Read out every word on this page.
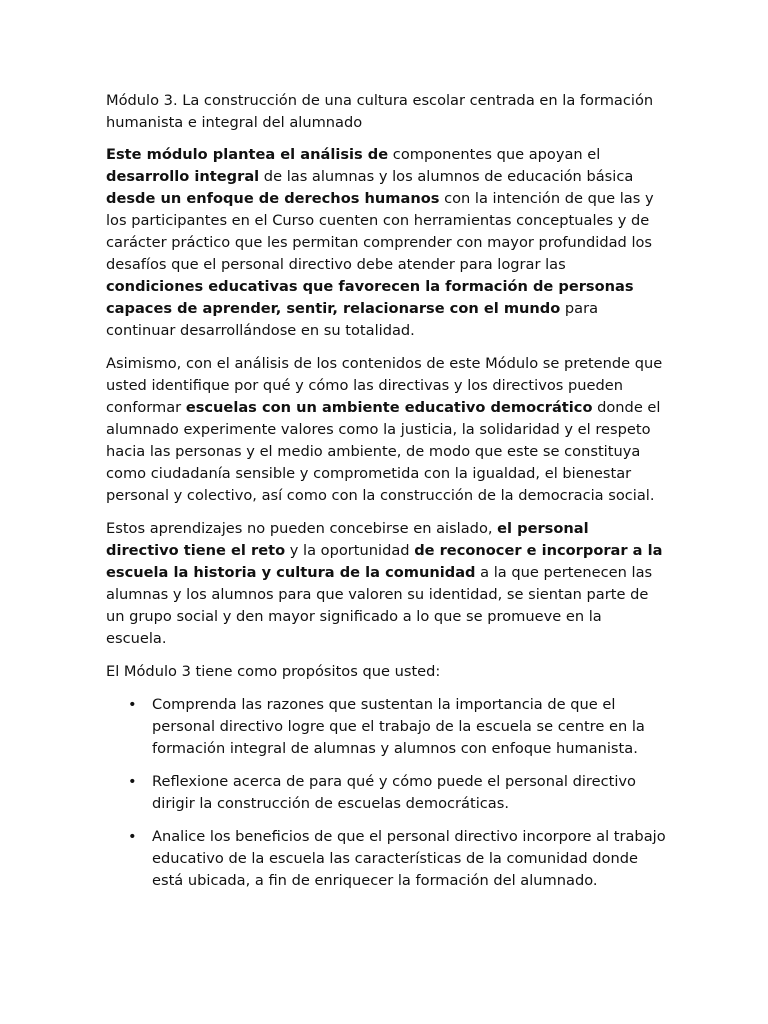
Módulo 3. La construcción de una cultura escolar centrada en la formación humanista e integral del alumnado

Este módulo plantea el análisis de componentes que apoyan el desarrollo integral de las alumnas y los alumnos de educación básica desde un enfoque de derechos humanos con la intención de que las y los participantes en el Curso cuenten con herramientas conceptuales y de carácter práctico que les permitan comprender con mayor profundidad los desafíos que el personal directivo debe atender para lograr las condiciones educativas que favorecen la formación de personas capaces de aprender, sentir, relacionarse con el mundo para continuar desarrollándose en su totalidad.

Asimismo, con el análisis de los contenidos de este Módulo se pretende que usted identifique por qué y cómo las directivas y los directivos pueden conformar escuelas con un ambiente educativo democrático donde el alumnado experimente valores como la justicia, la solidaridad y el respeto hacia las personas y el medio ambiente, de modo que este se constituya como ciudadanía sensible y comprometida con la igualdad, el bienestar personal y colectivo, así como con la construcción de la democracia social.

Estos aprendizajes no pueden concebirse en aislado, el personal directivo tiene el reto y la oportunidad de reconocer e incorporar a la escuela la historia y cultura de la comunidad a la que pertenecen las alumnas y los alumnos para que valoren su identidad, se sientan parte de un grupo social y den mayor significado a lo que se promueve en la escuela.

El Módulo 3 tiene como propósitos que usted:

• Comprenda las razones que sustentan la importancia de que el personal directivo logre que el trabajo de la escuela se centre en la formación integral de alumnas y alumnos con enfoque humanista.
• Reflexione acerca de para qué y cómo puede el personal directivo dirigir la construcción de escuelas democráticas.
• Analice los beneficios de que el personal directivo incorpore al trabajo educativo de la escuela las características de la comunidad donde está ubicada, a fin de enriquecer la formación del alumnado.
